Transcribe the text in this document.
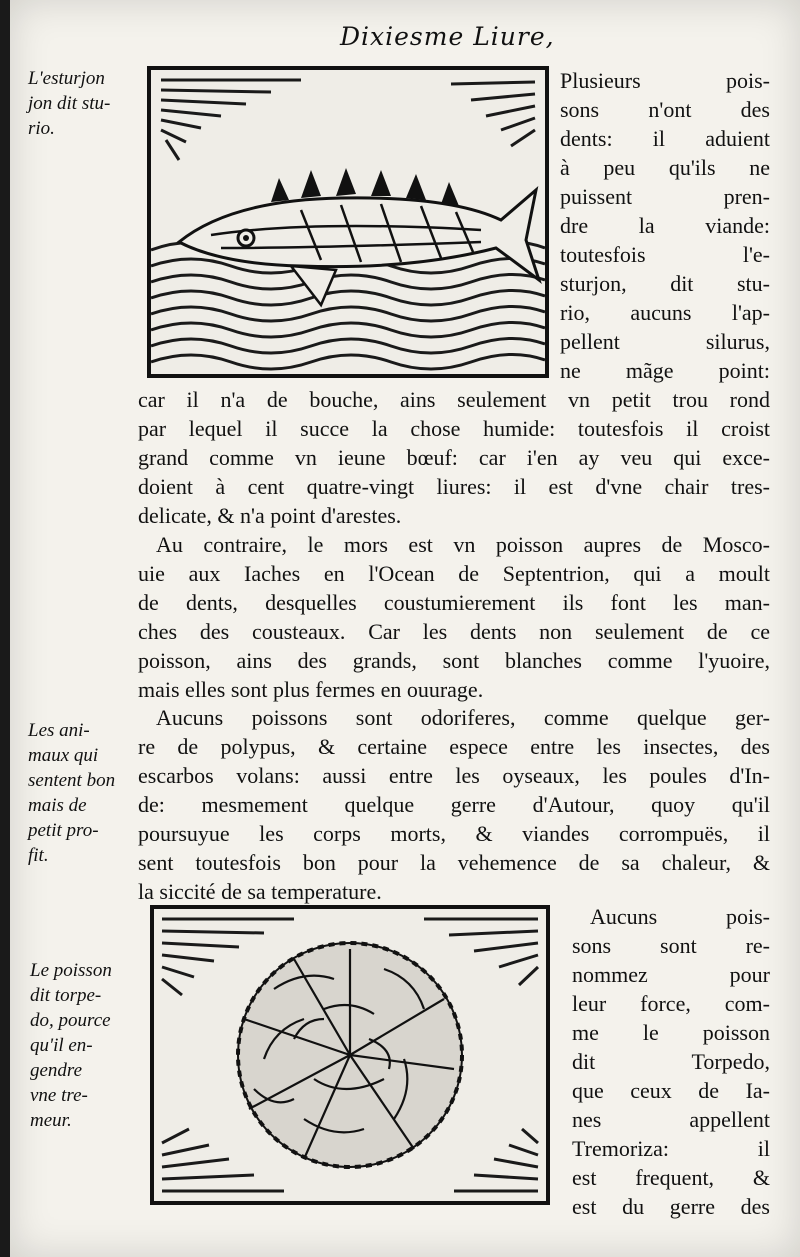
Dixiesme Liure,
L'esturjon
jon dit stu-
rio.
Plusieurs pois-
sons n'ont des
dents: il aduient
à peu qu'ils ne
puissent pren-
dre la viande:
toutesfois l'e-
sturjon, dit stu-
rio, aucuns l'ap-
pellent silurus,
ne mãge point:
car il n'a de bouche, ains seulement vn petit trou rond
par lequel il succe la chose humide: toutesfois il croist
grand comme vn ieune bœuf: car i'en ay veu qui exce-
doient à cent quatre-vingt liures: il est d'vne chair tres-
delicate, & n'a point d'arestes.
Au contraire, le mors est vn poisson aupres de Mosco-
uie aux Iaches en l'Ocean de Septentrion, qui a moult
de dents, desquelles coustumierement ils font les man-
ches des cousteaux. Car les dents non seulement de ce
poisson, ains des grands, sont blanches comme l'yuoire,
mais elles sont plus fermes en ouurage.
Les ani-
maux qui
sentent bon
mais de
petit pro-
fit.
Aucuns poissons sont odoriferes, comme quelque ger-
re de polypus, & certaine espece entre les insectes, des
escarbos volans: aussi entre les oyseaux, les poules d'In-
de: mesmement quelque gerre d'Autour, quoy qu'il
poursuyue les corps morts, & viandes corrompuës, il
sent toutesfois bon pour la vehemence de sa chaleur, &
la siccité de sa temperature.
Le poisson
dit torpe-
do, pource
qu'il en-
gendre
vne tre-
meur.
Aucuns pois-
sons sont re-
nommez pour
leur force, com-
me le poisson
dit Torpedo,
que ceux de Ia-
nes appellent
Tremoriza: il
est frequent, &
est du gerre des
